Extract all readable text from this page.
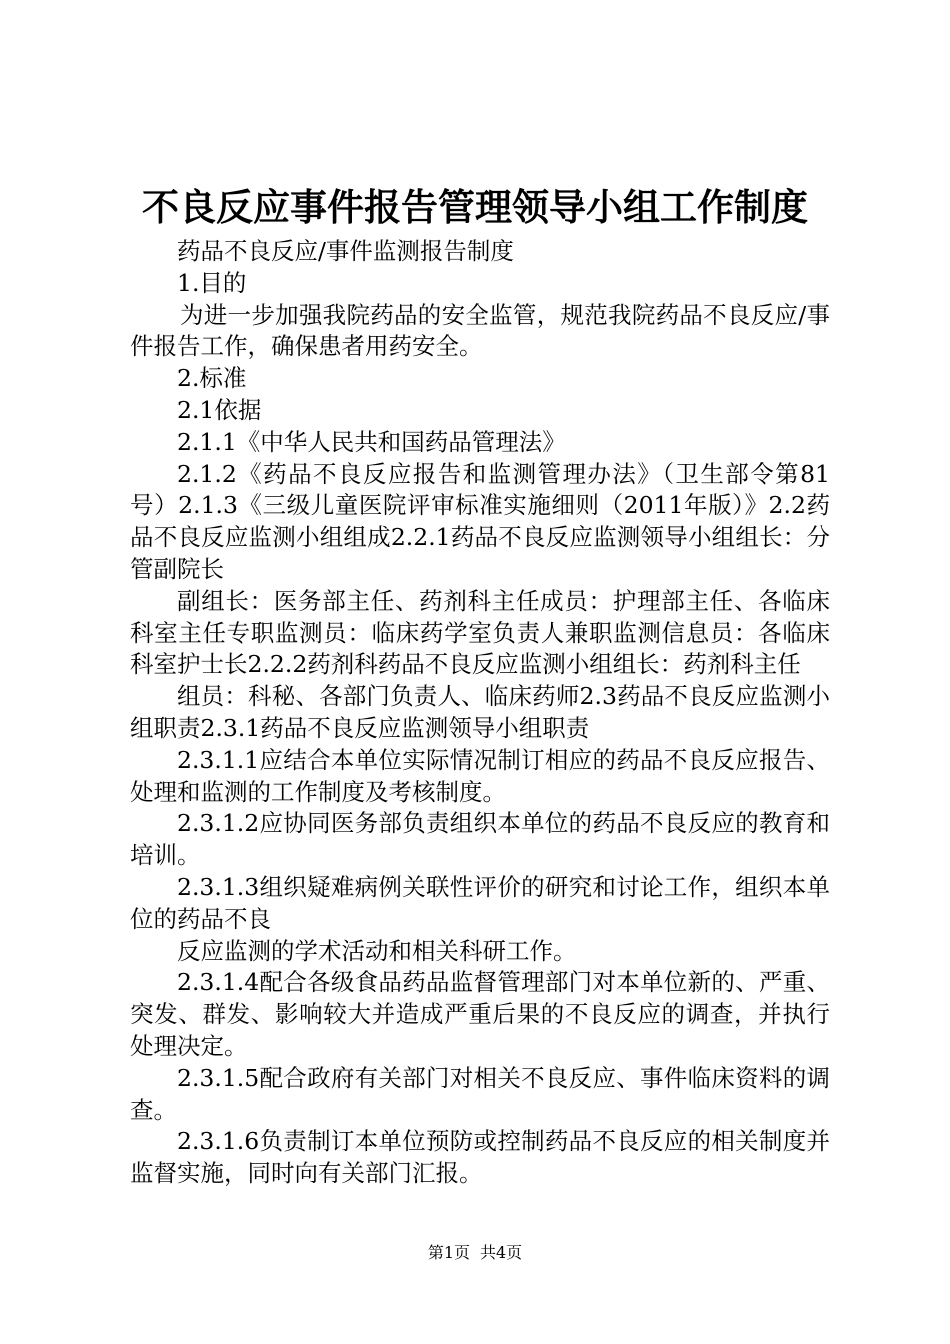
不良反应事件报告管理领导小组工作制度

药品不良反应/事件监测报告制度

1.目的

为进一步加强我院药品的安全监管，规范我院药品不良反应/事件报告工作，确保患者用药安全。

2.标准

2.1依据

2.1.1《中华人民共和国药品管理法》

2.1.2《药品不良反应报告和监测管理办法》（卫生部令第81号）2.1.3《三级儿童医院评审标准实施细则（2011年版）》2.2药品不良反应监测小组组成2.2.1药品不良反应监测领导小组组长：分管副院长

副组长：医务部主任、药剂科主任成员：护理部主任、各临床科室主任专职监测员：临床药学室负责人兼职监测信息员：各临床科室护士长2.2.2药剂科药品不良反应监测小组组长：药剂科主任

组员：科秘、各部门负责人、临床药师2.3药品不良反应监测小组职责2.3.1药品不良反应监测领导小组职责

2.3.1.1应结合本单位实际情况制订相应的药品不良反应报告、处理和监测的工作制度及考核制度。

2.3.1.2应协同医务部负责组织本单位的药品不良反应的教育和培训。

2.3.1.3组织疑难病例关联性评价的研究和讨论工作，组织本单位的药品不良

反应监测的学术活动和相关科研工作。

2.3.1.4配合各级食品药品监督管理部门对本单位新的、严重、突发、群发、影响较大并造成严重后果的不良反应的调查，并执行处理决定。

2.3.1.5配合政府有关部门对相关不良反应、事件临床资料的调查。

2.3.1.6负责制订本单位预防或控制药品不良反应的相关制度并监督实施，同时向有关部门汇报。

第1页 共4页
